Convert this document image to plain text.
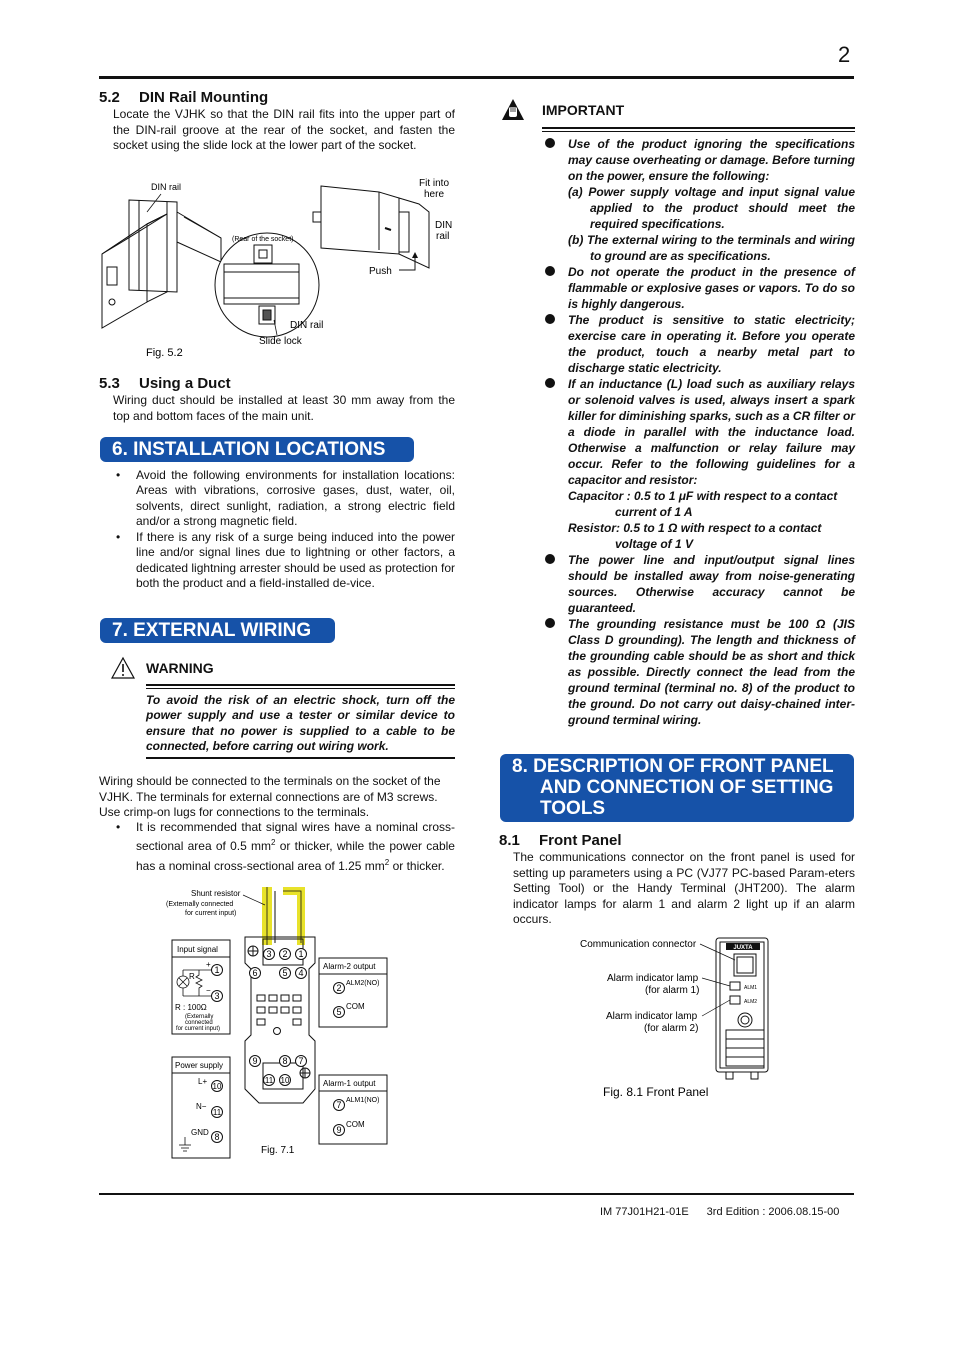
2
5.2 DIN Rail Mounting
Locate the VJHK so that the DIN rail fits into the upper part of the DIN-rail groove at the rear of the socket, and fasten the socket using the slide lock at the lower part of the socket.
DIN rail
(Rear of the socket)
DIN rail
Slide lock
Fit into
here
DIN
rail
Push
Fig. 5.2
5.3 Using a Duct
Wiring duct should be installed at least 30 mm away from the top and bottom faces of the main unit.
6. INSTALLATION LOCATIONS
• Avoid the following environments for installation locations: Areas with vibrations, corrosive gases, dust, water, oil, solvents, direct sunlight, radiation, a strong electric field and/or a strong magnetic field.
• If there is any risk of a surge being induced into the power line and/or signal lines due to lightning or other factors, a dedicated lightning arrester should be used as protection for both the product and a field-installed de-vice.
7. EXTERNAL WIRING
WARNING
To avoid the risk of an electric shock, turn off the power supply and use a tester or similar device to ensure that no power is supplied to a cable to be connected, before carring out wiring work.
Wiring should be connected to the terminals on the socket of the VJHK. The terminals for external connections are of M3 screws. Use crimp-on lugs for connections to the terminals.
• It is recommended that signal wires have a nominal cross-sectional area of 0.5 $mm^2$ or thicker, while the power cable has a nominal cross-sectional area of 1.25 $mm^2$ or thicker.
Shunt resistor
(Externally connected
for current input)
3 2 1
6	5 4
9	8 7
11 10
Input signal
+
−
R
1
3
R : 100Ω
(Externally
connected
for current input)
Power supply
L+
N−
GND
10
11
8
Alarm-2 output
ALM2(NO)
COM
2
5
Alarm-1 output
ALM1(NO)
COM
7
9
Fig. 7.1
IMPORTANT
Use of the product ignoring the specifications may cause overheating or damage. Before turning on the power, ensure the following:
(a) Power supply voltage and input signal value applied to the product should meet the required specifications.
(b) The external wiring to the terminals and wiring to ground are as specifications.
Do not operate the product in the presence of flammable or explosive gases or vapors. To do so is highly dangerous.
The product is sensitive to static electricity; exercise care in operating it. Before you operate the product, touch a nearby metal part to discharge static electricity.
If an inductance (L) load such as auxiliary relays or solenoid valves is used, always insert a spark killer for diminishing sparks, such as a CR filter or a diode in parallel with the inductance load. Otherwise a malfunction or relay failure may occur. Refer to the following guidelines for a capacitor and resistor:
Capacitor : 0.5 to 1 μF with respect to a contact current of 1 A
Resistor: 0.5 to 1 Ω with respect to a contact voltage of 1 V
The power line and input/output signal lines should be installed away from noise-generating sources. Otherwise accuracy cannot be guaranteed.
The grounding resistance must be 100 Ω (JIS Class D grounding). The length and thickness of the grounding cable should be as short and thick as possible. Directly connect the lead from the ground terminal (terminal no. 8) of the product to the ground. Do not carry out daisy-chained inter-ground terminal wiring.
8. DESCRIPTION OF FRONT PANEL
AND CONNECTION OF SETTING
TOOLS
8.1 Front Panel
The communications connector on the front panel is used for setting up parameters using a PC (VJ77 PC-based Param-eters Setting Tool) or the Handy Terminal (JHT200). The alarm indicator lamps for alarm 1 and alarm 2 light up if an alarm occurs.
JUXTA
ALM1
ALM2
Communication connector
Alarm indicator lamp
(for alarm 1)
Alarm indicator lamp
(for alarm 2)
Fig. 8.1 Front Panel
IM 77J01H21-01E 3rd Edition : 2006.08.15-00
